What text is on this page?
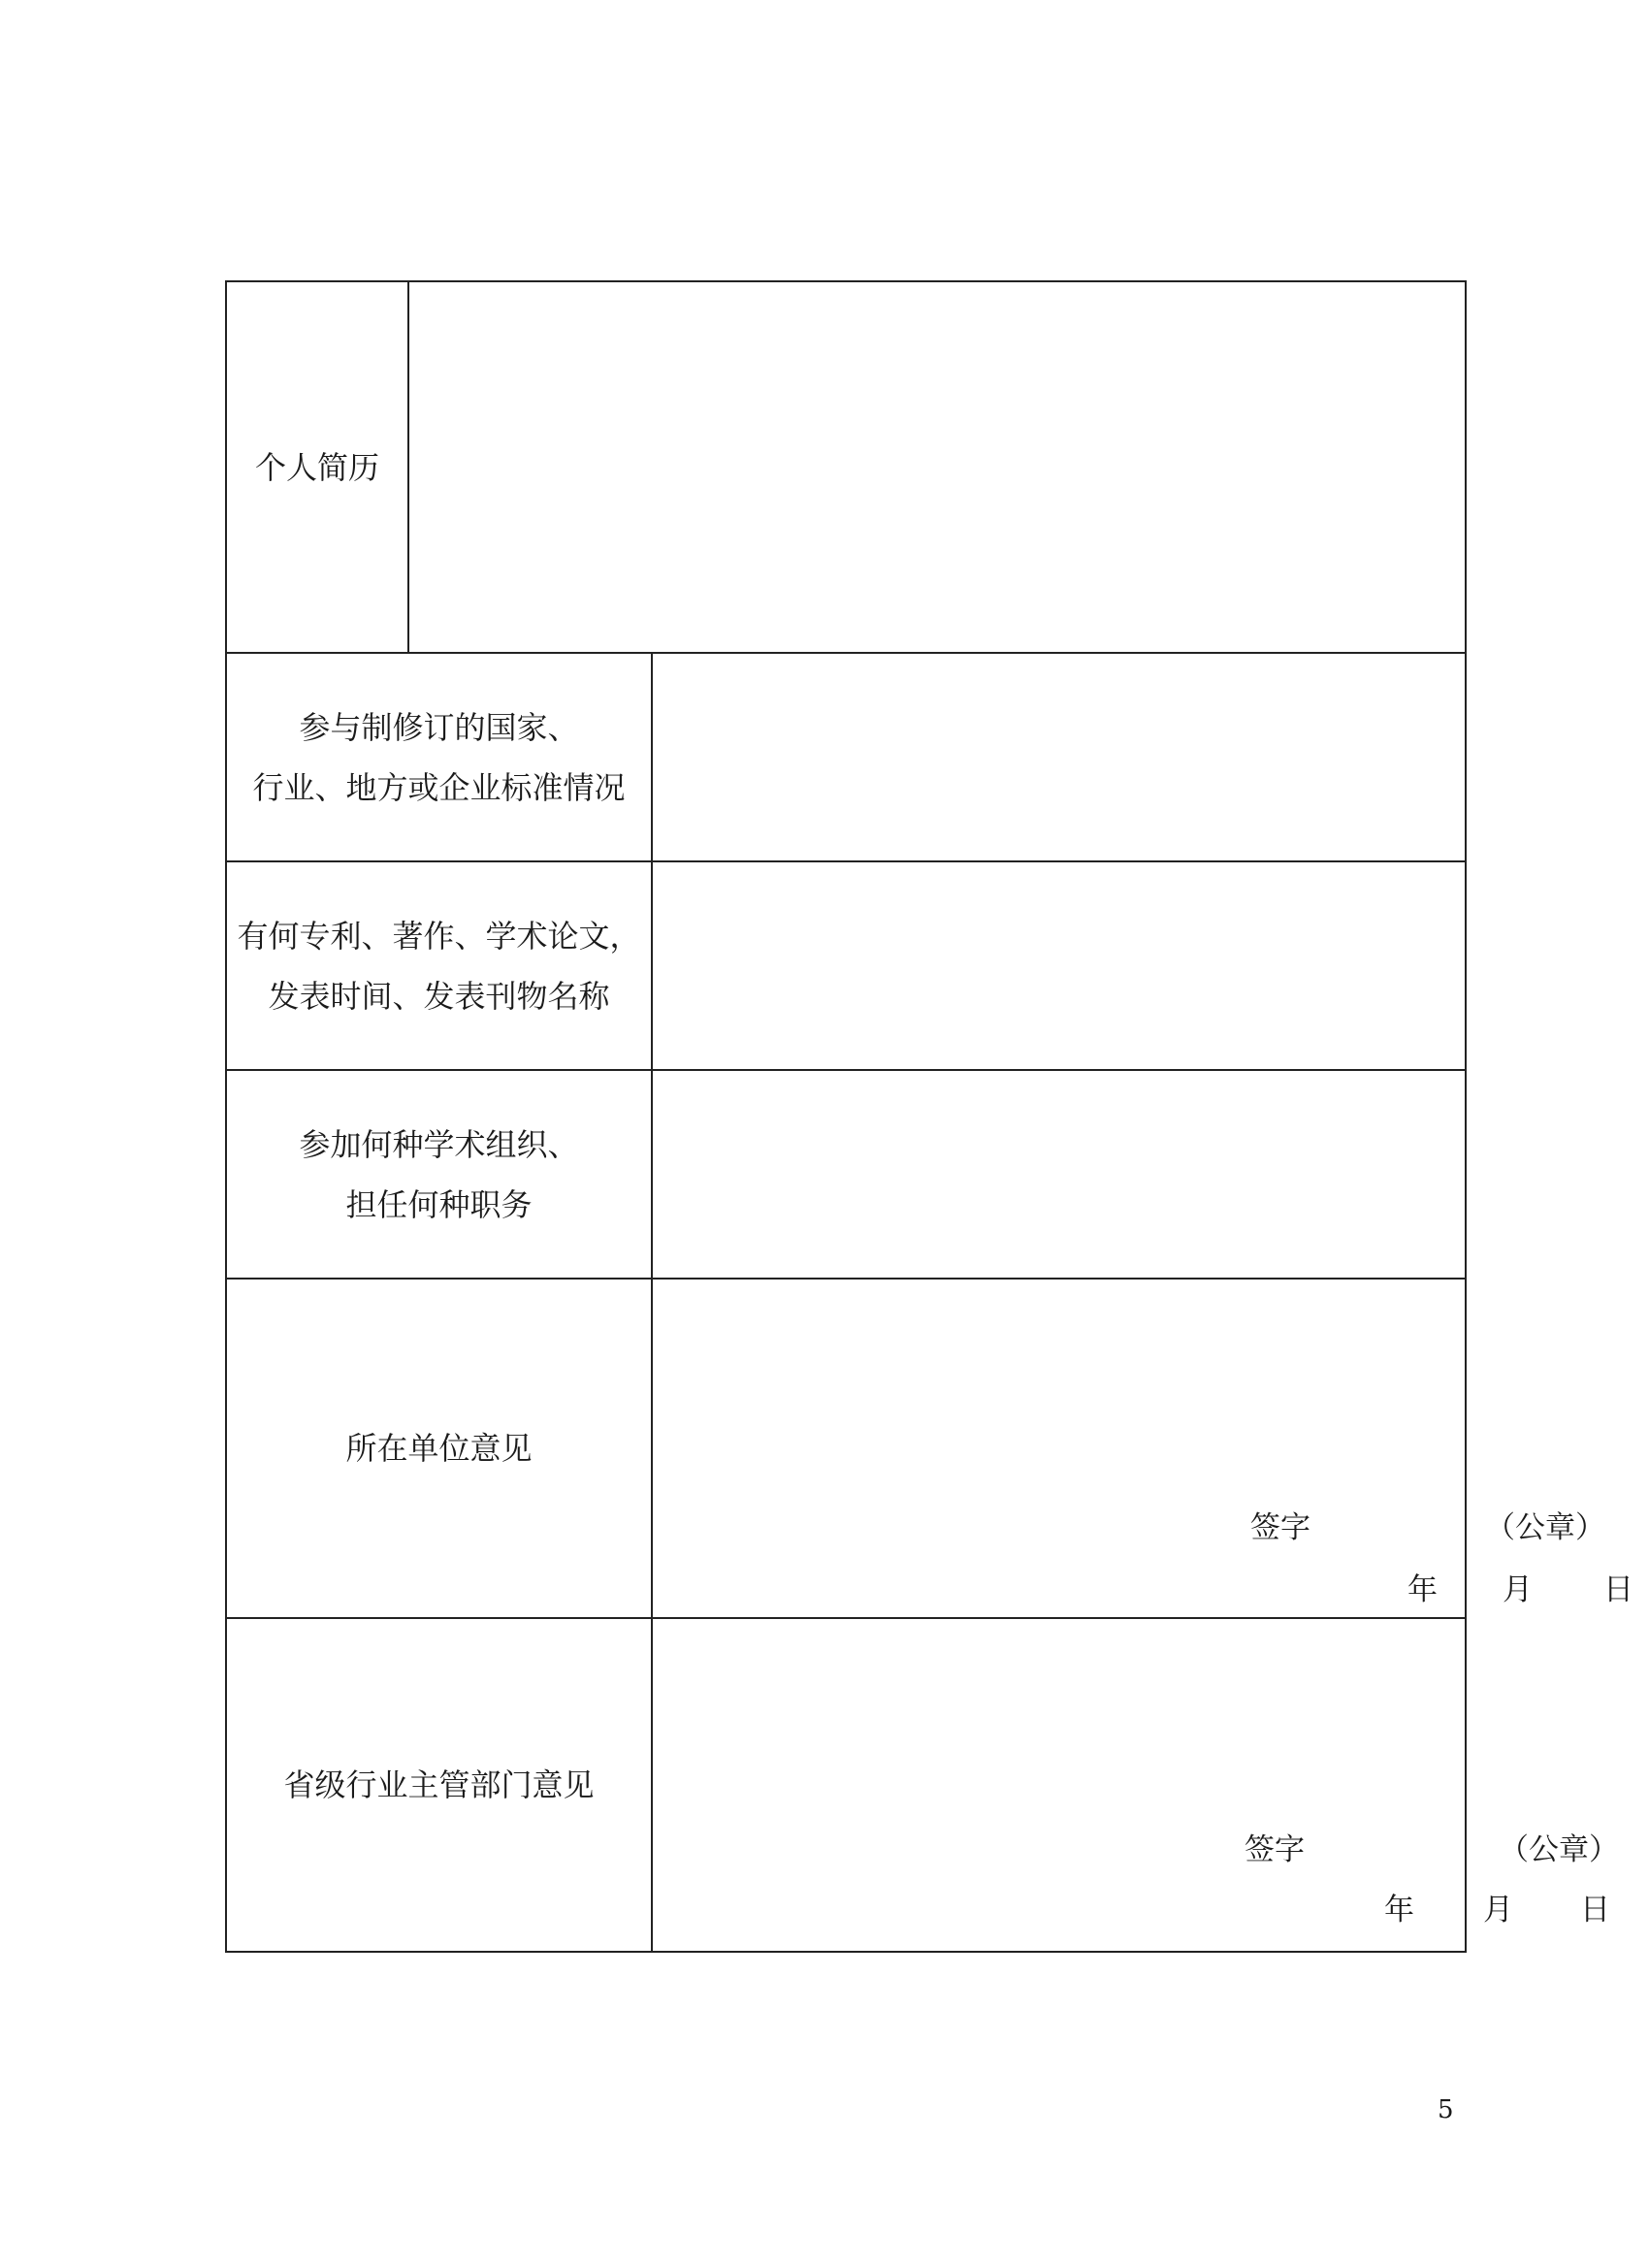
个人简历
参与制修订的国家、
行业、地方或企业标准情况
有何专利、著作、学术论文，
发表时间、发表刊物名称
参加何种学术组织、
担任何种职务
所在单位意见
签字	（公章）
年 月 日
省级行业主管部门意见
签字	（公章）
年 月 日
5
